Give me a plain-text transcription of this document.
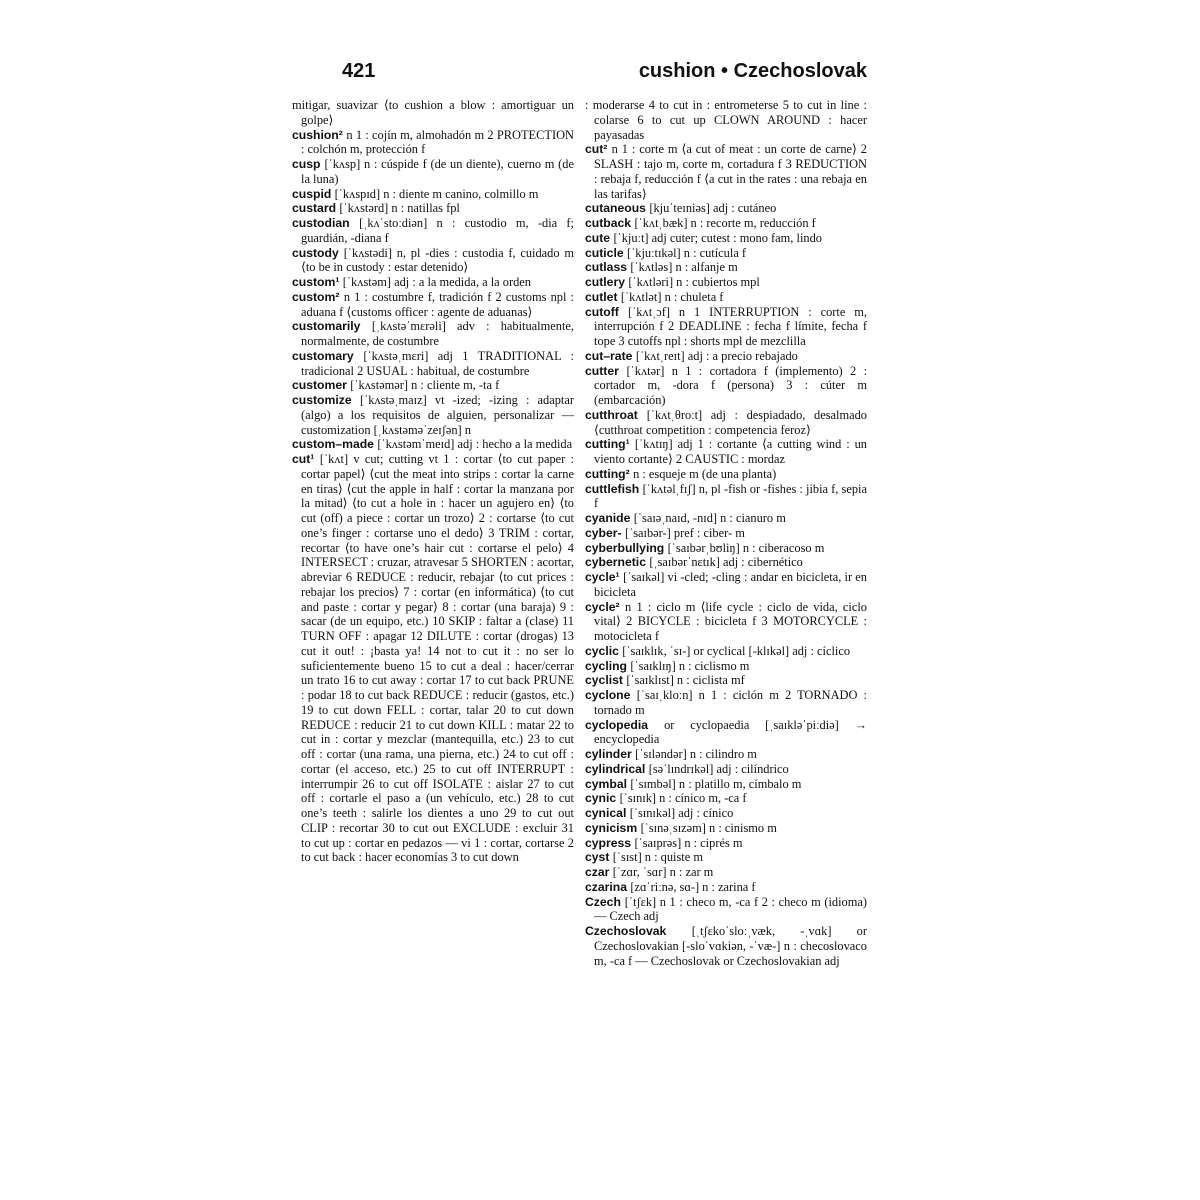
421	cushion • Czechoslovak

mitigar, suavizar ⟨to cushion a blow : amortiguar un golpe⟩

cushion² n 1 : cojín m, almohadón m 2 PROTECTION : colchón m, protección f

cusp [ˈkʌsp] n : cúspide f (de un diente), cuerno m (de la luna)

cuspid [ˈkʌspɪd] n : diente m canino, colmillo m

custard [ˈkʌstərd] n : natillas fpl

custodian [ˌkʌˈstoːdiən] n : custodio m, -dia f; guardián, -diana f

custody [ˈkʌstədi] n, pl -dies : custodia f, cuidado m ⟨to be in custody : estar detenido⟩

custom¹ [ˈkʌstəm] adj : a la medida, a la orden

custom² n 1 : costumbre f, tradición f 2 customs npl : aduana f ⟨customs officer : agente de aduanas⟩

customarily [ˌkʌstəˈmɛrəli] adv : habitualmente, normalmente, de costumbre

customary [ˈkʌstəˌmɛri] adj 1 TRADITIONAL : tradicional 2 USUAL : habitual, de costumbre

customer [ˈkʌstəmər] n : cliente m, -ta f

customize [ˈkʌstəˌmaɪz] vt -ized; -izing : adaptar (algo) a los requisitos de alguien, personalizar — customization [ˌkʌstəməˈzeɪʃən] n

custom–made [ˈkʌstəmˈmeɪd] adj : hecho a la medida

cut¹ [ˈkʌt] v cut; cutting vt 1 : cortar ⟨to cut paper : cortar papel⟩ ⟨cut the meat into strips : cortar la carne en tiras⟩ ⟨cut the apple in half : cortar la manzana por la mitad⟩ ⟨to cut a hole in : hacer un agujero en⟩ ⟨to cut (off) a piece : cortar un trozo⟩ 2 : cortarse ⟨to cut one’s finger : cortarse uno el dedo⟩ 3 TRIM : cortar, recortar ⟨to have one’s hair cut : cortarse el pelo⟩ 4 INTERSECT : cruzar, atravesar 5 SHORTEN : acortar, abreviar 6 REDUCE : reducir, rebajar ⟨to cut prices : rebajar los precios⟩ 7 : cortar (en informática) ⟨to cut and paste : cortar y pegar⟩ 8 : cortar (una baraja) 9 : sacar (de un equipo, etc.) 10 SKIP : faltar a (clase) 11 TURN OFF : apagar 12 DILUTE : cortar (drogas) 13 cut it out! : ¡basta ya! 14 not to cut it : no ser lo suficientemente bueno 15 to cut a deal : hacer/cerrar un trato 16 to cut away : cortar 17 to cut back PRUNE : podar 18 to cut back REDUCE : reducir (gastos, etc.) 19 to cut down FELL : cortar, talar 20 to cut down REDUCE : reducir 21 to cut down KILL : matar 22 to cut in : cortar y mezclar (mantequilla, etc.) 23 to cut off : cortar (una rama, una pierna, etc.) 24 to cut off : cortar (el acceso, etc.) 25 to cut off INTERRUPT : interrumpir 26 to cut off ISOLATE : aislar 27 to cut off : cortarle el paso a (un vehículo, etc.) 28 to cut one’s teeth : salirle los dientes a uno 29 to cut out CLIP : recortar 30 to cut out EXCLUDE : excluir 31 to cut up : cortar en pedazos — vi 1 : cortar, cortarse 2 to cut back : hacer economías 3 to cut down

: moderarse 4 to cut in : entrometerse 5 to cut in line : colarse 6 to cut up CLOWN AROUND : hacer payasadas

cut² n 1 : corte m ⟨a cut of meat : un corte de carne⟩ 2 SLASH : tajo m, corte m, cortadura f 3 REDUCTION : rebaja f, reducción f ⟨a cut in the rates : una rebaja en las tarifas⟩

cutaneous [kjuˈteɪniəs] adj : cutáneo

cutback [ˈkʌtˌbæk] n : recorte m, reducción f

cute [ˈkjuːt] adj cuter; cutest : mono fam, lindo

cuticle [ˈkjuːtɪkəl] n : cutícula f

cutlass [ˈkʌtləs] n : alfanje m

cutlery [ˈkʌtləri] n : cubiertos mpl

cutlet [ˈkʌtlət] n : chuleta f

cutoff [ˈkʌtˌɔf] n 1 INTERRUPTION : corte m, interrupción f 2 DEADLINE : fecha f límite, fecha f tope 3 cutoffs npl : shorts mpl de mezclilla

cut–rate [ˈkʌtˌreɪt] adj : a precio rebajado

cutter [ˈkʌtər] n 1 : cortadora f (implemento) 2 : cortador m, -dora f (persona) 3 : cúter m (embarcación)

cutthroat [ˈkʌtˌθroːt] adj : despiadado, desalmado ⟨cutthroat competition : competencia feroz⟩

cutting¹ [ˈkʌtɪŋ] adj 1 : cortante ⟨a cutting wind : un viento cortante⟩ 2 CAUSTIC : mordaz

cutting² n : esqueje m (de una planta)

cuttlefish [ˈkʌtəlˌfɪʃ] n, pl -fish or -fishes : jibia f, sepia f

cyanide [ˈsaɪəˌnaɪd, -nɪd] n : cianuro m

cyber- [ˈsaɪbər-] pref : ciber- m

cyberbullying [ˈsaɪbərˌbʊliŋ] n : ciberacoso m

cybernetic [ˌsaɪbərˈnɛtɪk] adj : cibernético

cycle¹ [ˈsaɪkəl] vi -cled; -cling : andar en bicicleta, ir en bicicleta

cycle² n 1 : ciclo m ⟨life cycle : ciclo de vida, ciclo vital⟩ 2 BICYCLE : bicicleta f 3 MOTORCYCLE : motocicleta f

cyclic [ˈsaɪklɪk, ˈsɪ-] or cyclical [-klɪkəl] adj : cíclico

cycling [ˈsaɪklɪŋ] n : ciclismo m

cyclist [ˈsaɪklɪst] n : ciclista mf

cyclone [ˈsaɪˌkloːn] n 1 : ciclón m 2 TORNADO : tornado m

cyclopedia or cyclopaedia [ˌsaɪkləˈpiːdiə] → encyclopedia

cylinder [ˈsɪləndər] n : cilindro m

cylindrical [səˈlɪndrɪkəl] adj : cilíndrico

cymbal [ˈsɪmbəl] n : platillo m, címbalo m

cynic [ˈsɪnɪk] n : cínico m, -ca f

cynical [ˈsɪnɪkəl] adj : cínico

cynicism [ˈsɪnəˌsɪzəm] n : cinismo m

cypress [ˈsaɪprəs] n : ciprés m

cyst [ˈsɪst] n : quiste m

czar [ˈzɑr, ˈsɑr] n : zar m

czarina [zɑˈriːnə, sɑ-] n : zarina f

Czech [ˈtʃɛk] n 1 : checo m, -ca f 2 : checo m (idioma) — Czech adj

Czechoslovak [ˌtʃɛkoˈsloːˌvæk, -ˌvɑk] or Czechoslovakian [-sloˈvɑkiən, -ˈvæ-] n : checoslovaco m, -ca f — Czechoslovak or Czechoslovakian adj
